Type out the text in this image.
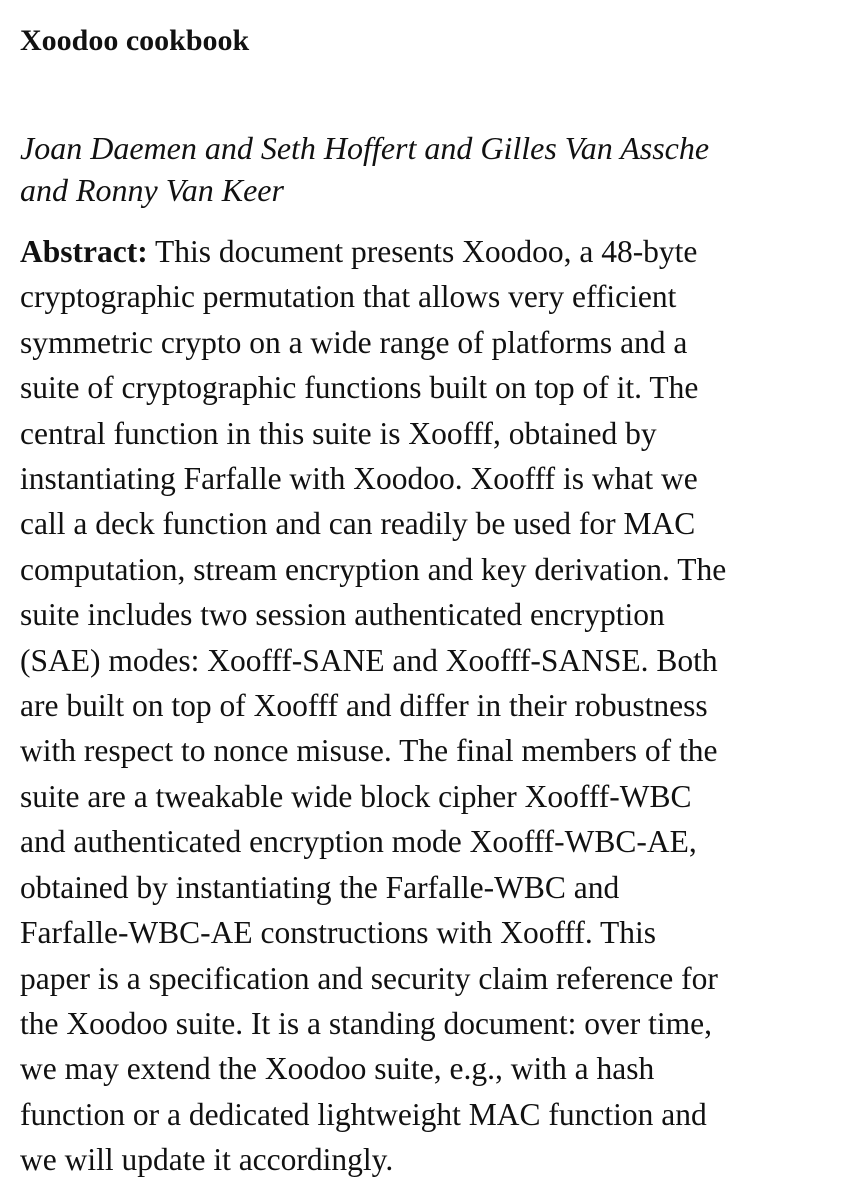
Xoodoo cookbook
Joan Daemen and Seth Hoffert and Gilles Van Assche
and Ronny Van Keer
Abstract: This document presents Xoodoo, a 48-byte
cryptographic permutation that allows very efficient
symmetric crypto on a wide range of platforms and a
suite of cryptographic functions built on top of it. The
central function in this suite is Xoofff, obtained by
instantiating Farfalle with Xoodoo. Xoofff is what we
call a deck function and can readily be used for MAC
computation, stream encryption and key derivation. The
suite includes two session authenticated encryption
(SAE) modes: Xoofff-SANE and Xoofff-SANSE. Both
are built on top of Xoofff and differ in their robustness
with respect to nonce misuse. The final members of the
suite are a tweakable wide block cipher Xoofff-WBC
and authenticated encryption mode Xoofff-WBC-AE,
obtained by instantiating the Farfalle-WBC and
Farfalle-WBC-AE constructions with Xoofff. This
paper is a specification and security claim reference for
the Xoodoo suite. It is a standing document: over time,
we may extend the Xoodoo suite, e.g., with a hash
function or a dedicated lightweight MAC function and
we will update it accordingly.
